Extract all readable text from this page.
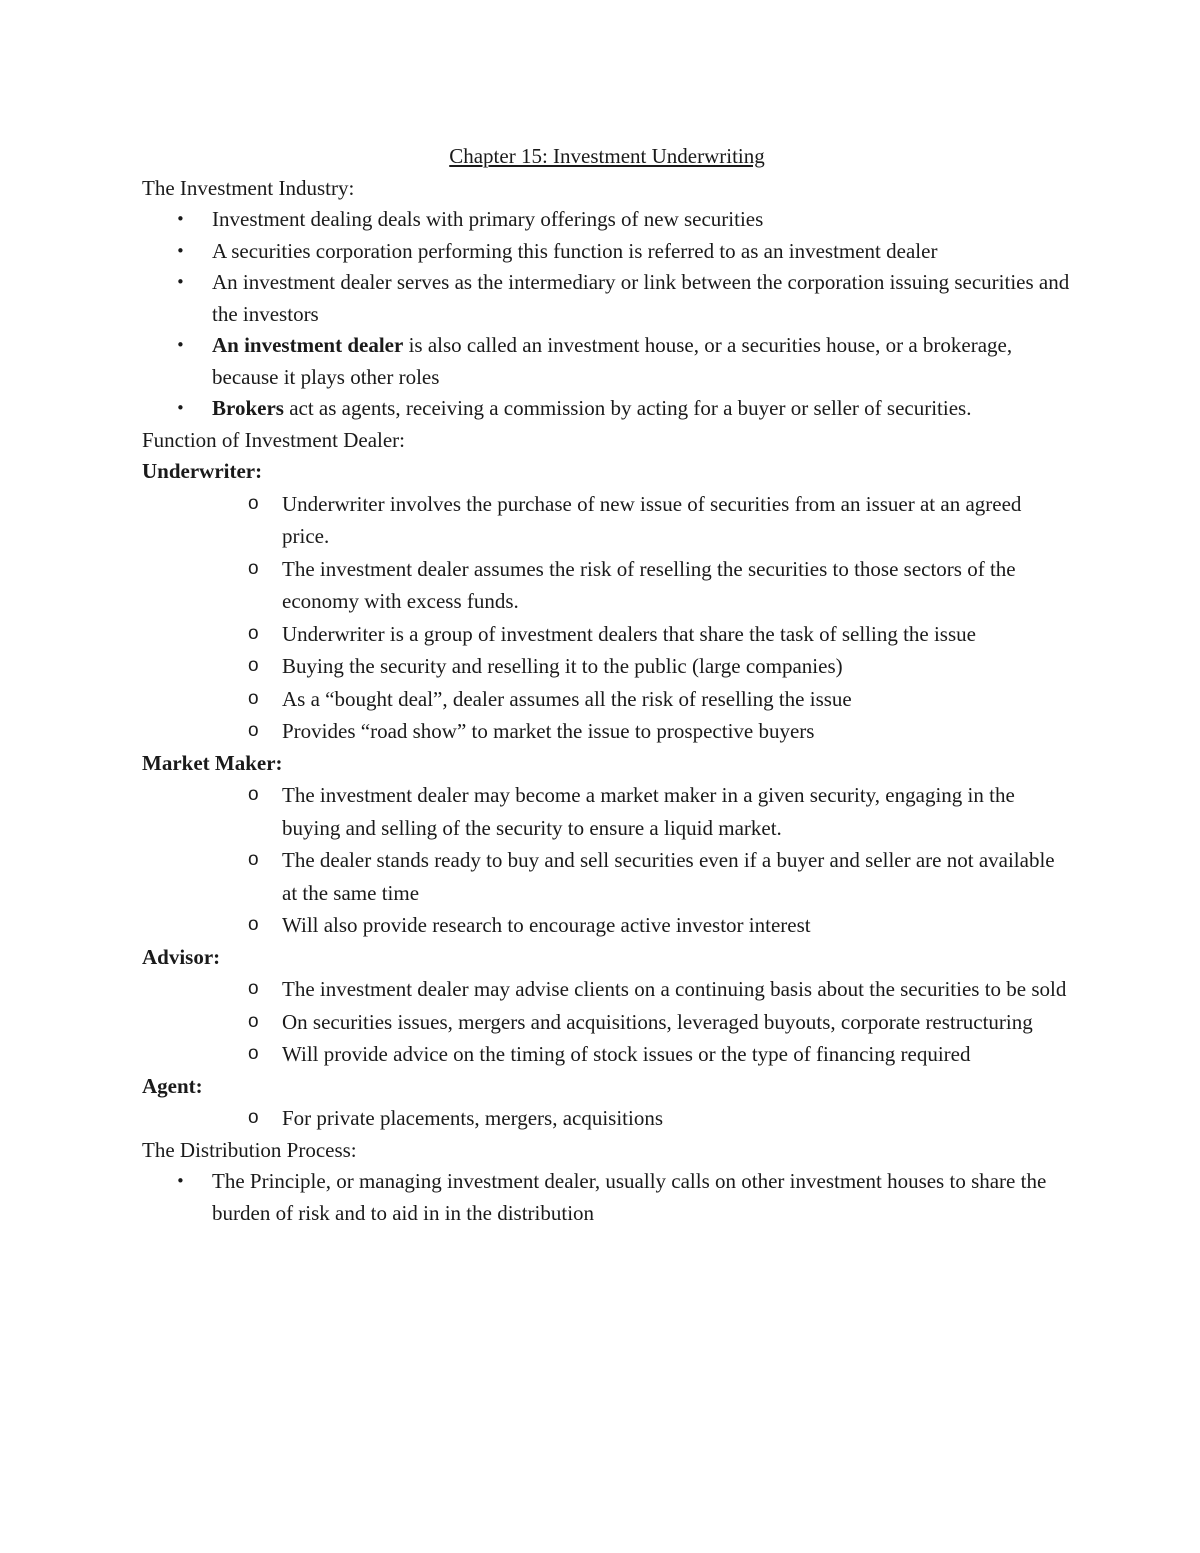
Chapter 15: Investment Underwriting

The Investment Industry:

• Investment dealing deals with primary offerings of new securities
• A securities corporation performing this function is referred to as an investment dealer
• An investment dealer serves as the intermediary or link between the corporation issuing securities and the investors
• An investment dealer is also called an investment house, or a securities house, or a brokerage, because it plays other roles
• Brokers act as agents, receiving a commission by acting for a buyer or seller of securities.

Function of Investment Dealer:

Underwriter:

o Underwriter involves the purchase of new issue of securities from an issuer at an agreed price.
o The investment dealer assumes the risk of reselling the securities to those sectors of the economy with excess funds.
o Underwriter is a group of investment dealers that share the task of selling the issue
o Buying the security and reselling it to the public (large companies)
o As a “bought deal”, dealer assumes all the risk of reselling the issue
o Provides “road show” to market the issue to prospective buyers

Market Maker:

o The investment dealer may become a market maker in a given security, engaging in the buying and selling of the security to ensure a liquid market.
o The dealer stands ready to buy and sell securities even if a buyer and seller are not available at the same time
o Will also provide research to encourage active investor interest

Advisor:

o The investment dealer may advise clients on a continuing basis about the securities to be sold
o On securities issues, mergers and acquisitions, leveraged buyouts, corporate restructuring
o Will provide advice on the timing of stock issues or the type of financing required

Agent:

o For private placements, mergers, acquisitions

The Distribution Process:

• The Principle, or managing investment dealer, usually calls on other investment houses to share the burden of risk and to aid in in the distribution
